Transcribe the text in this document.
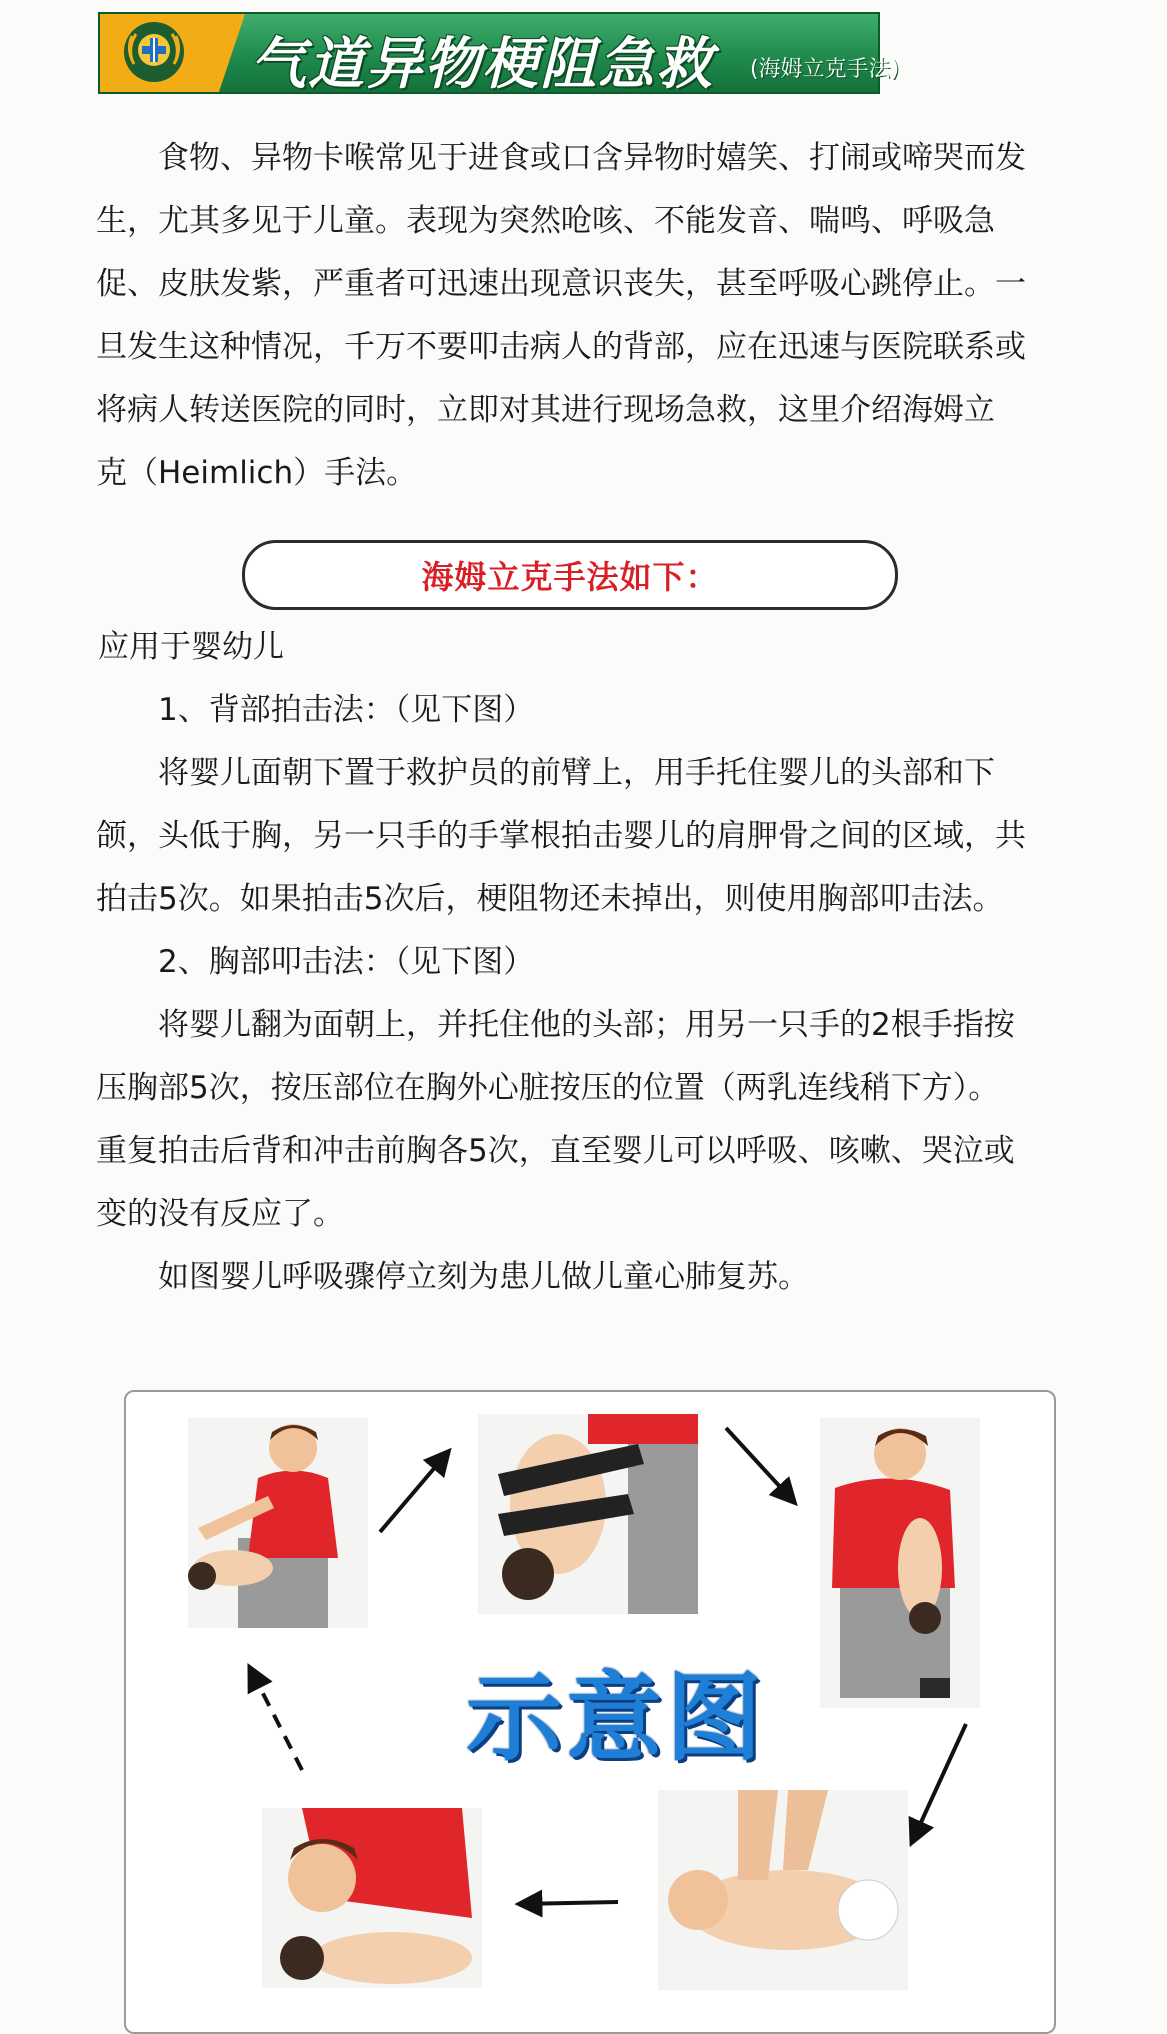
气道异物梗阻急救 (海姆立克手法)
食物、异物卡喉常见于进食或口含异物时嬉笑、打闹或啼哭而发
生，尤其多见于儿童。表现为突然呛咳、不能发音、喘鸣、呼吸急
促、皮肤发紫，严重者可迅速出现意识丧失，甚至呼吸心跳停止。一
旦发生这种情况，千万不要叩击病人的背部，应在迅速与医院联系或
将病人转送医院的同时，立即对其进行现场急救，这里介绍海姆立
克（Heimlich）手法。
海姆立克手法如下：
应用于婴幼儿
1、背部拍击法：（见下图）
将婴儿面朝下置于救护员的前臂上，用手托住婴儿的头部和下
颌，头低于胸，另一只手的手掌根拍击婴儿的肩胛骨之间的区域，共
拍击5次。如果拍击5次后，梗阻物还未掉出，则使用胸部叩击法。
2、胸部叩击法：（见下图）
将婴儿翻为面朝上，并托住他的头部；用另一只手的2根手指按
压胸部5次，按压部位在胸外心脏按压的位置（两乳连线稍下方）。
重复拍击后背和冲击前胸各5次，直至婴儿可以呼吸、咳嗽、哭泣或
变的没有反应了。
如图婴儿呼吸骤停立刻为患儿做儿童心肺复苏。
示意图
